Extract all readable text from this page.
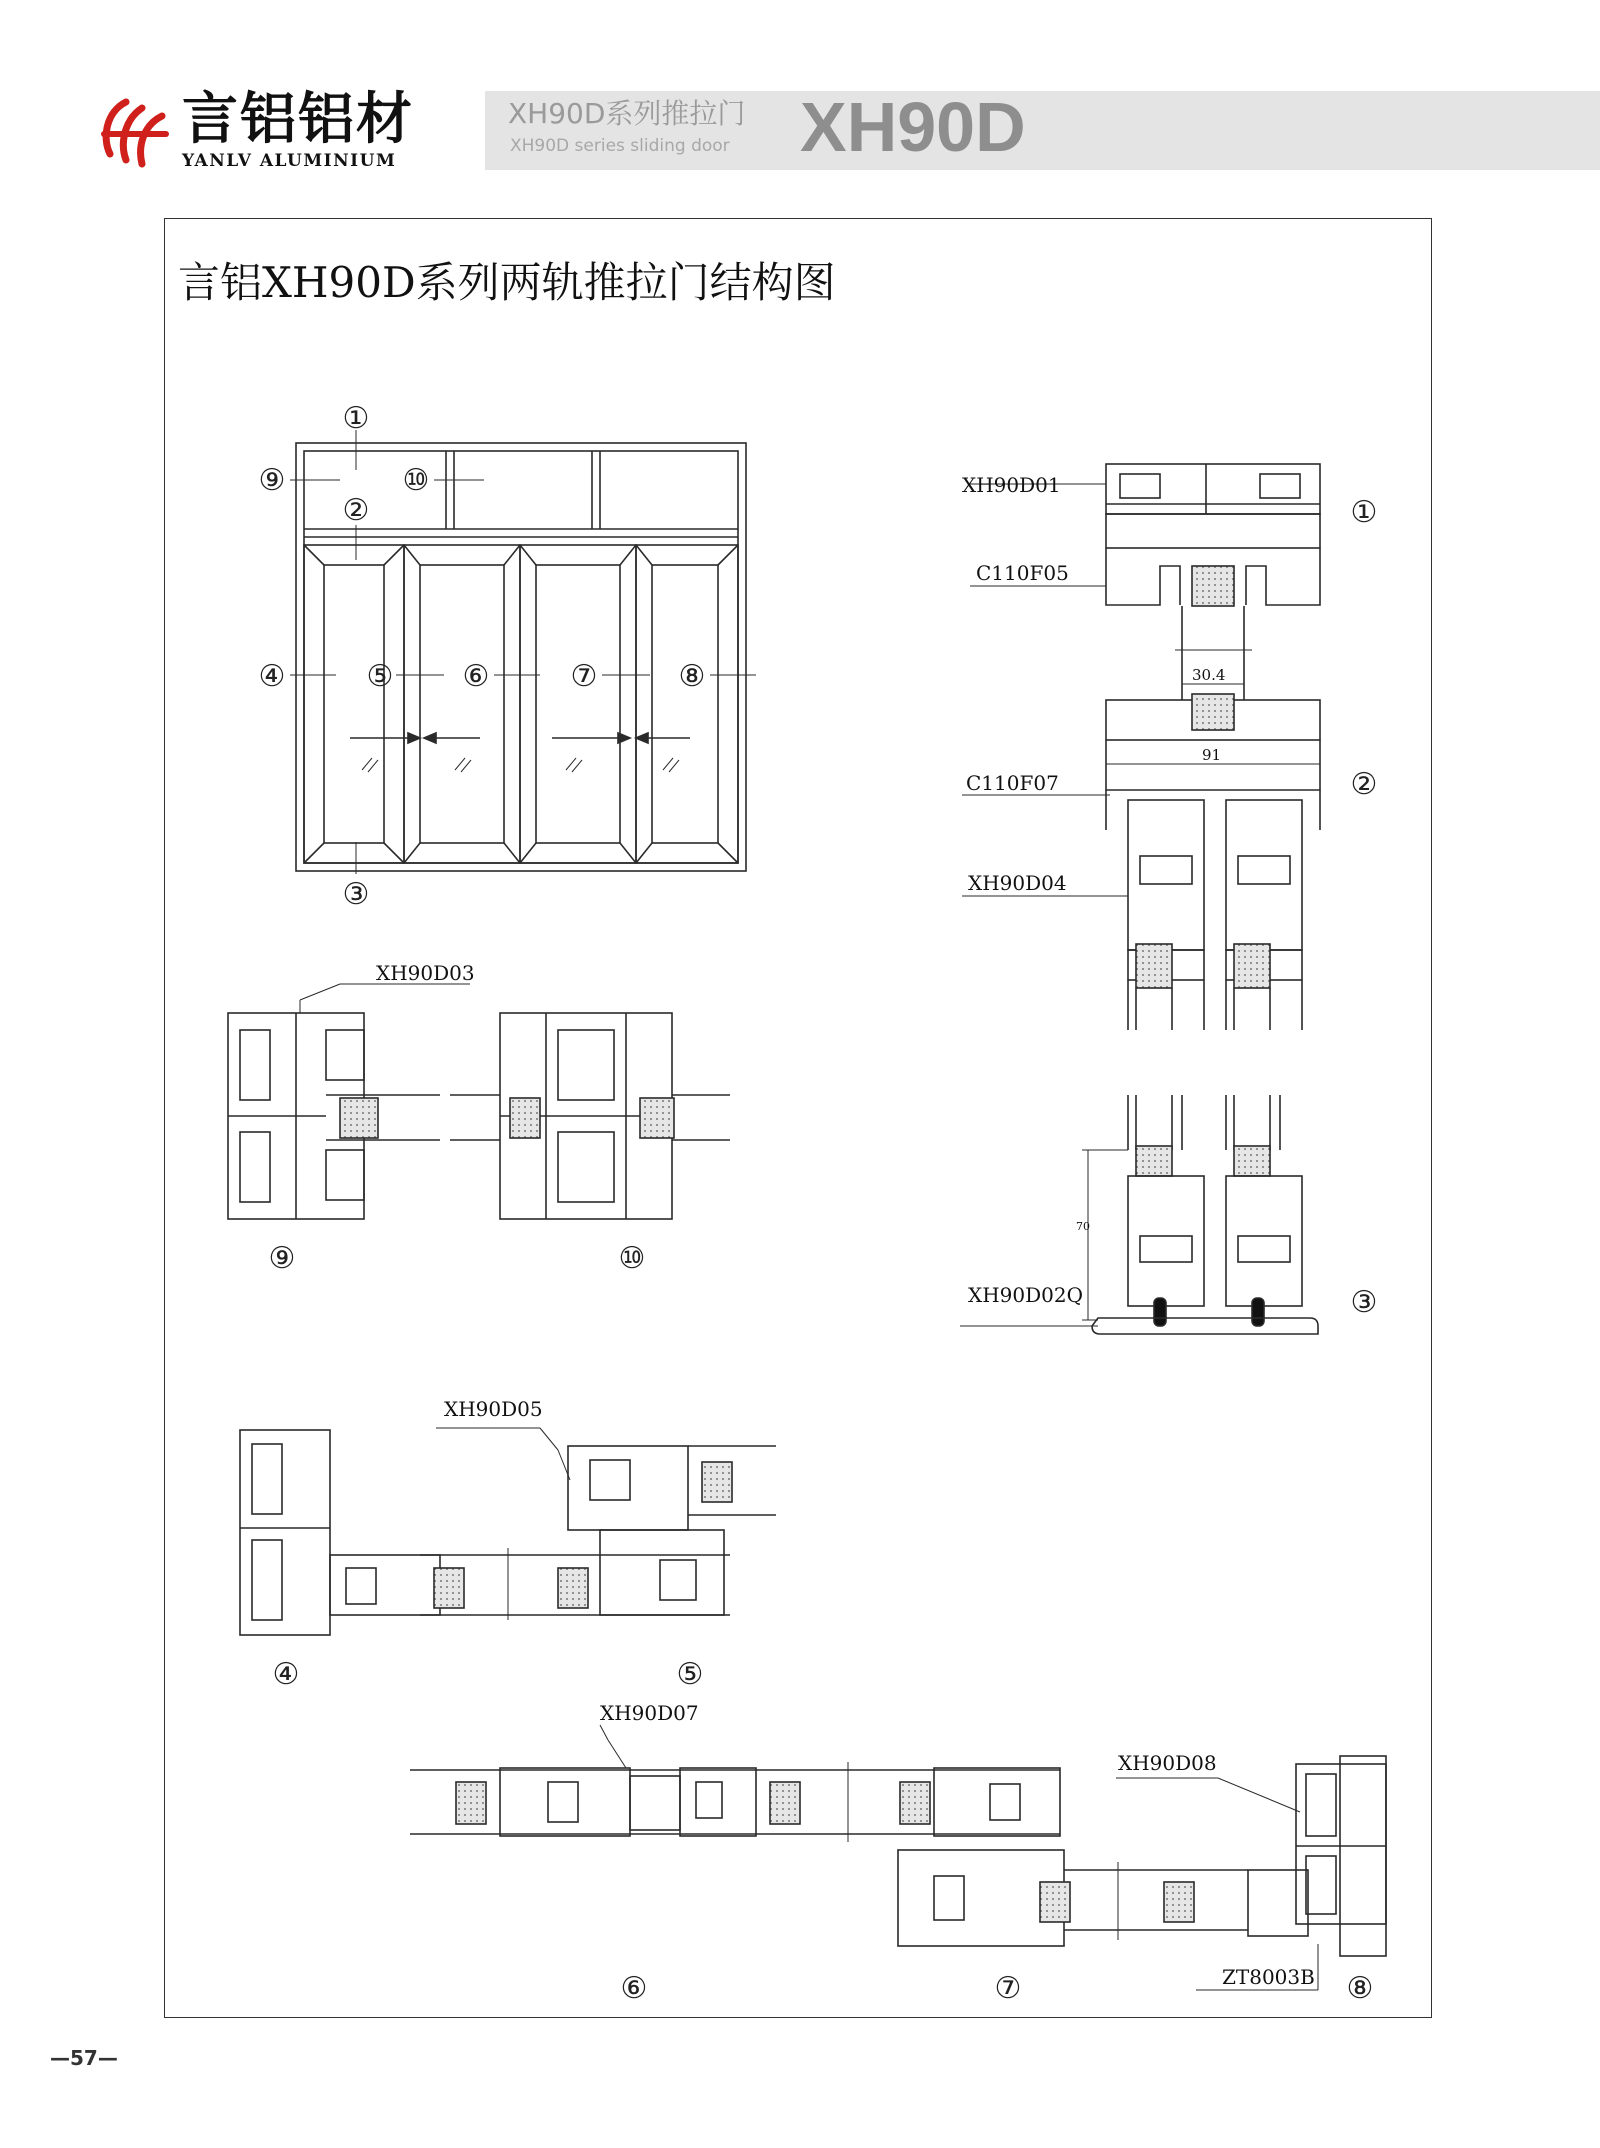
言铝铝材
YANLV ALUMINIUM
XH90D系列推拉门
XH90D series sliding door XH90D
言铝XH90D系列两轨推拉门结构图
①
⑨	⑩
②
④	⑤ ⑥	⑦	⑧
③
①
②
③
⑨	⑩
④	⑤
⑥	⑦	⑧
XH90D01
C110F05
C110F07
XH90D04
XH90D02Q
XH90D03
XH90D05
XH90D07
XH90D08
ZT8003B
30.4
91
70
—57—
